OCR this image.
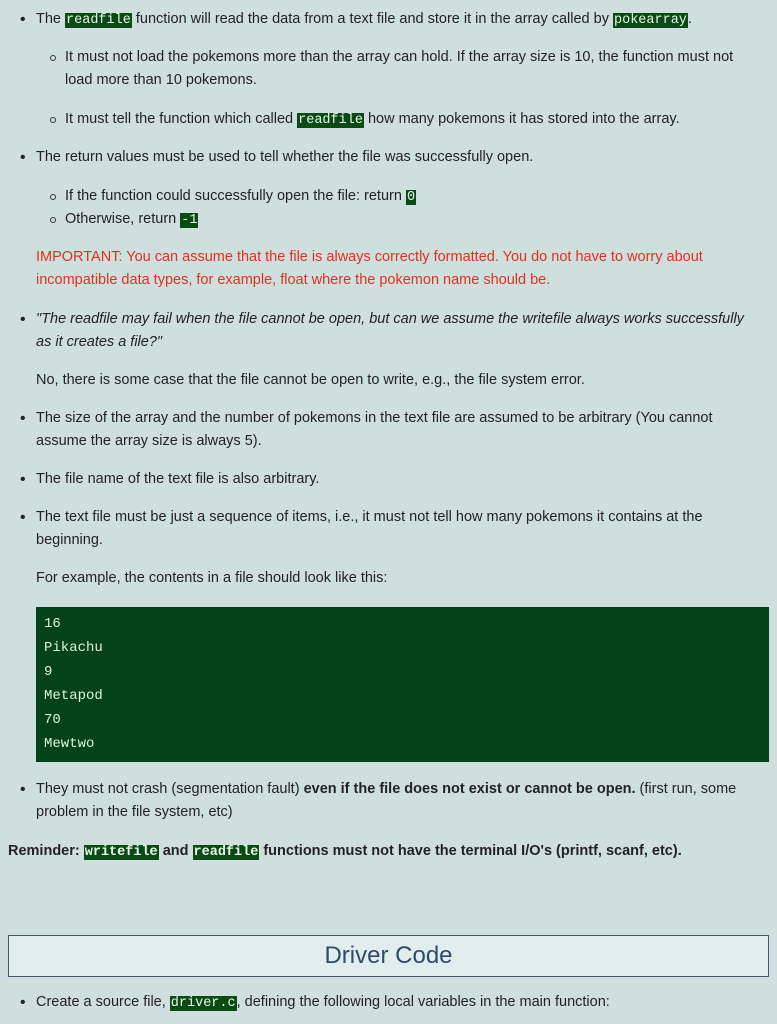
• The readfile function will read the data from a text file and store it in the array called by pokearray.
It must not load the pokemons more than the array can hold. If the array size is 10, the function must not load more than 10 pokemons.
It must tell the function which called readfile how many pokemons it has stored into the array.
• The return values must be used to tell whether the file was successfully open.
If the function could successfully open the file: return 0
Otherwise, return -1
IMPORTANT: You can assume that the file is always correctly formatted. You do not have to worry about incompatible data types, for example, float where the pokemon name should be.
• "The readfile may fail when the file cannot be open, but can we assume the writefile always works successfully as it creates a file?"
No, there is some case that the file cannot be open to write, e.g., the file system error.
• The size of the array and the number of pokemons in the text file are assumed to be arbitrary (You cannot assume the array size is always 5).
• The file name of the text file is also arbitrary.
• The text file must be just a sequence of items, i.e., it must not tell how many pokemons it contains at the beginning.
For example, the contents in a file should look like this:
16
Pikachu
9
Metapod
70
Mewtwo
• They must not crash (segmentation fault) even if the file does not exist or cannot be open. (first run, some problem in the file system, etc)
Reminder: writefile and readfile functions must not have the terminal I/O's (printf, scanf, etc).
Driver Code
• Create a source file, driver.c, defining the following local variables in the main function:
